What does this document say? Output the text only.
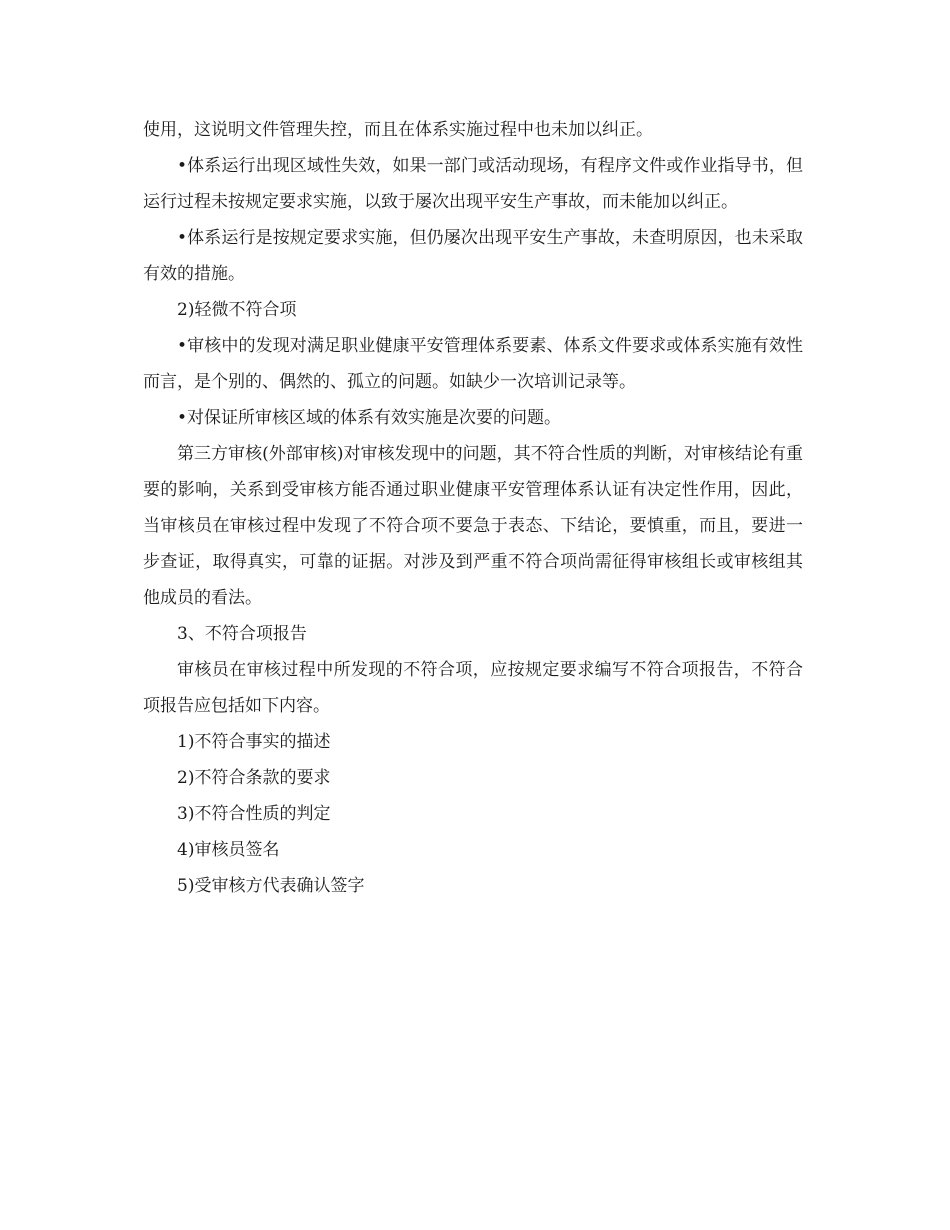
使用，这说明文件管理失控，而且在体系实施过程中也未加以纠正。

•体系运行出现区域性失效，如果一部门或活动现场，有程序文件或作业指导书，但运行过程未按规定要求实施，以致于屡次出现平安生产事故，而未能加以纠正。

•体系运行是按规定要求实施，但仍屡次出现平安生产事故，未查明原因，也未采取有效的措施。

2)轻微不符合项

•审核中的发现对满足职业健康平安管理体系要素、体系文件要求或体系实施有效性而言，是个别的、偶然的、孤立的问题。如缺少一次培训记录等。

•对保证所审核区域的体系有效实施是次要的问题。

第三方审核(外部审核)对审核发现中的问题，其不符合性质的判断，对审核结论有重要的影响，关系到受审核方能否通过职业健康平安管理体系认证有决定性作用，因此，当审核员在审核过程中发现了不符合项不要急于表态、下结论，要慎重，而且，要进一步查证，取得真实，可靠的证据。对涉及到严重不符合项尚需征得审核组长或审核组其他成员的看法。

3、不符合项报告

审核员在审核过程中所发现的不符合项，应按规定要求编写不符合项报告，不符合项报告应包括如下内容。

1)不符合事实的描述

2)不符合条款的要求

3)不符合性质的判定

4)审核员签名

5)受审核方代表确认签字
